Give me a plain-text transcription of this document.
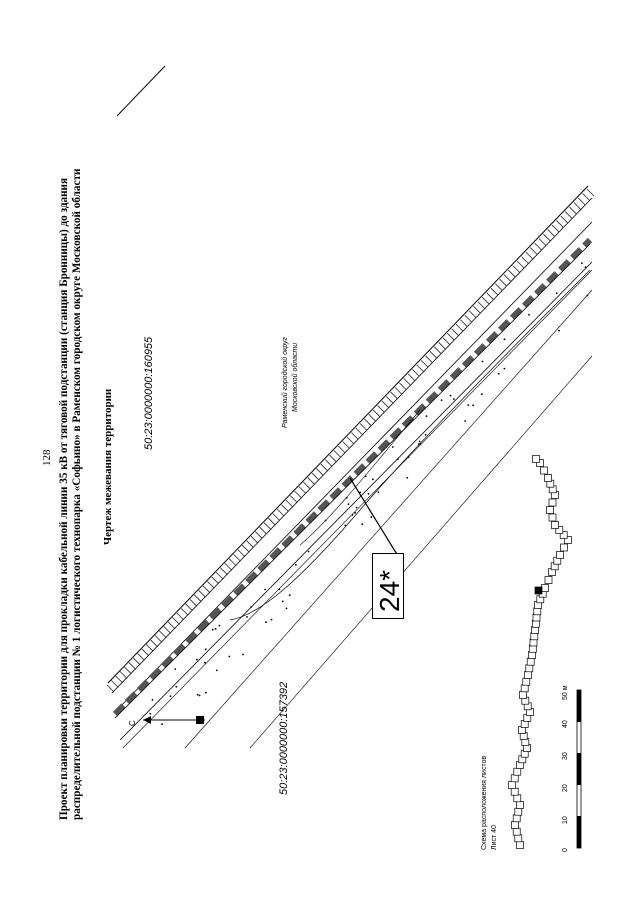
Проект планировки территории для прокладки кабельной линии 35 кВ от тяговой подстанции (станция Бронницы) до здания распределительной подстанции № 1 логистического технопарка «Софьино» в Раменском городском округе Московской области
128	Чертеж межевания территории	50:23:0000000:160955
50:23:0000000:157392
Раменский городской округ Московской области
24*
С
Схема расположения листов Лист 40
0
10
20
30
40
50 м
